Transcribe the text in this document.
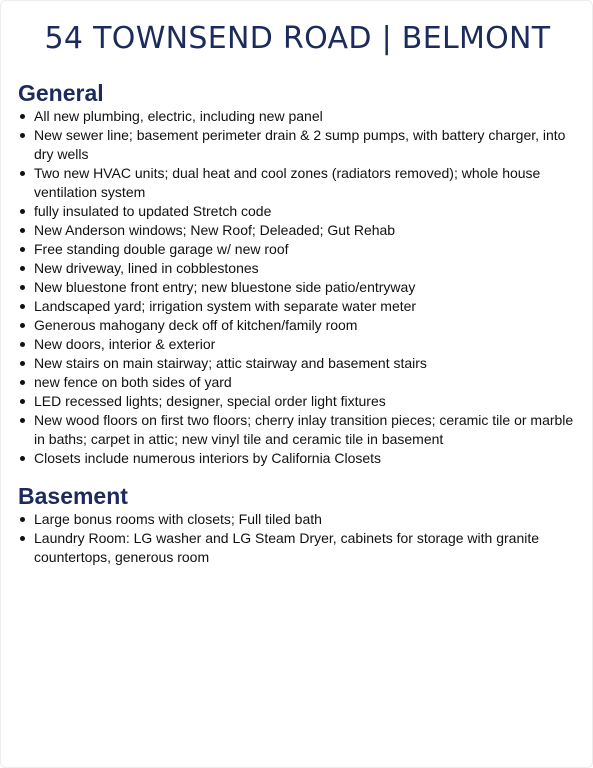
54 TOWNSEND ROAD | BELMONT
General
All new plumbing, electric, including new panel
New sewer line; basement perimeter drain & 2 sump pumps, with battery charger, into dry wells
Two new HVAC units; dual heat and cool zones (radiators removed); whole house ventilation system
fully insulated to updated Stretch code
New Anderson windows; New Roof; Deleaded; Gut Rehab
Free standing double garage w/ new roof
New driveway, lined in cobblestones
New bluestone front entry; new bluestone side patio/entryway
Landscaped yard; irrigation system with separate water meter
Generous mahogany deck off of kitchen/family room
New doors, interior & exterior
New stairs on main stairway; attic stairway and basement stairs
new fence on both sides of yard
LED recessed lights; designer, special order light fixtures
New wood floors on first two floors; cherry inlay transition pieces; ceramic tile or marble in baths; carpet in attic; new vinyl tile and ceramic tile in basement
Closets include numerous interiors by California Closets
Basement
Large bonus rooms with closets; Full tiled bath
Laundry Room: LG washer and LG Steam Dryer, cabinets for storage with granite countertops, generous room
